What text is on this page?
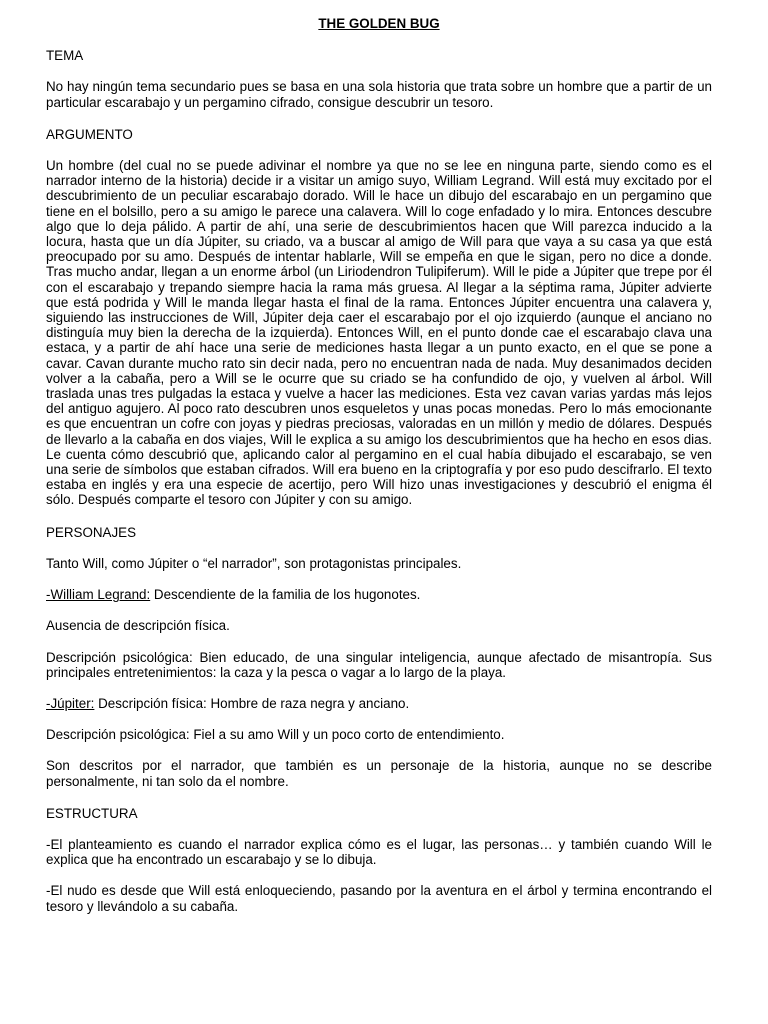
THE GOLDEN BUG
TEMA
No hay ningún tema secundario pues se basa en una sola historia que trata sobre un hombre que a partir de un particular escarabajo y un pergamino cifrado, consigue descubrir un tesoro.
ARGUMENTO
Un hombre (del cual no se puede adivinar el nombre ya que no se lee en ninguna parte, siendo como es el narrador interno de la historia) decide ir a visitar un amigo suyo, William Legrand. Will está muy excitado por el descubrimiento de un peculiar escarabajo dorado. Will le hace un dibujo del escarabajo en un pergamino que tiene en el bolsillo, pero a su amigo le parece una calavera. Will lo coge enfadado y lo mira. Entonces descubre algo que lo deja pálido. A partir de ahí, una serie de descubrimientos hacen que Will parezca inducido a la locura, hasta que un día Júpiter, su criado, va a buscar al amigo de Will para que vaya a su casa ya que está preocupado por su amo. Después de intentar hablarle, Will se empeña en que le sigan, pero no dice a donde. Tras mucho andar, llegan a un enorme árbol (un Liriodendron Tulipiferum). Will le pide a Júpiter que trepe por él con el escarabajo y trepando siempre hacia la rama más gruesa. Al llegar a la séptima rama, Júpiter advierte que está podrida y Will le manda llegar hasta el final de la rama. Entonces Júpiter encuentra una calavera y, siguiendo las instrucciones de Will, Júpiter deja caer el escarabajo por el ojo izquierdo (aunque el anciano no distinguía muy bien la derecha de la izquierda). Entonces Will, en el punto donde cae el escarabajo clava una estaca, y a partir de ahí hace una serie de mediciones hasta llegar a un punto exacto, en el que se pone a cavar. Cavan durante mucho rato sin decir nada, pero no encuentran nada de nada. Muy desanimados deciden volver a la cabaña, pero a Will se le ocurre que su criado se ha confundido de ojo, y vuelven al árbol. Will traslada unas tres pulgadas la estaca y vuelve a hacer las mediciones. Esta vez cavan varias yardas más lejos del antiguo agujero. Al poco rato descubren unos esqueletos y unas pocas monedas. Pero lo más emocionante es que encuentran un cofre con joyas y piedras preciosas, valoradas en un millón y medio de dólares. Después de llevarlo a la cabaña en dos viajes, Will le explica a su amigo los descubrimientos que ha hecho en esos dias. Le cuenta cómo descubrió que, aplicando calor al pergamino en el cual había dibujado el escarabajo, se ven una serie de símbolos que estaban cifrados. Will era bueno en la criptografía y por eso pudo descifrarlo. El texto estaba en inglés y era una especie de acertijo, pero Will hizo unas investigaciones y descubrió el enigma él sólo. Después comparte el tesoro con Júpiter y con su amigo.
PERSONAJES
Tanto Will, como Júpiter o “el narrador”, son protagonistas principales.
-William Legrand: Descendiente de la familia de los hugonotes.
Ausencia de descripción física.
Descripción psicológica: Bien educado, de una singular inteligencia, aunque afectado de misantropía. Sus principales entretenimientos: la caza y la pesca o vagar a lo largo de la playa.
-Júpiter: Descripción física: Hombre de raza negra y anciano.
Descripción psicológica: Fiel a su amo Will y un poco corto de entendimiento.
Son descritos por el narrador, que también es un personaje de la historia, aunque no se describe personalmente, ni tan solo da el nombre.
ESTRUCTURA
-El planteamiento es cuando el narrador explica cómo es el lugar, las personas… y también cuando Will le explica que ha encontrado un escarabajo y se lo dibuja.
-El nudo es desde que Will está enloqueciendo, pasando por la aventura en el árbol y termina encontrando el tesoro y llevándolo a su cabaña.
